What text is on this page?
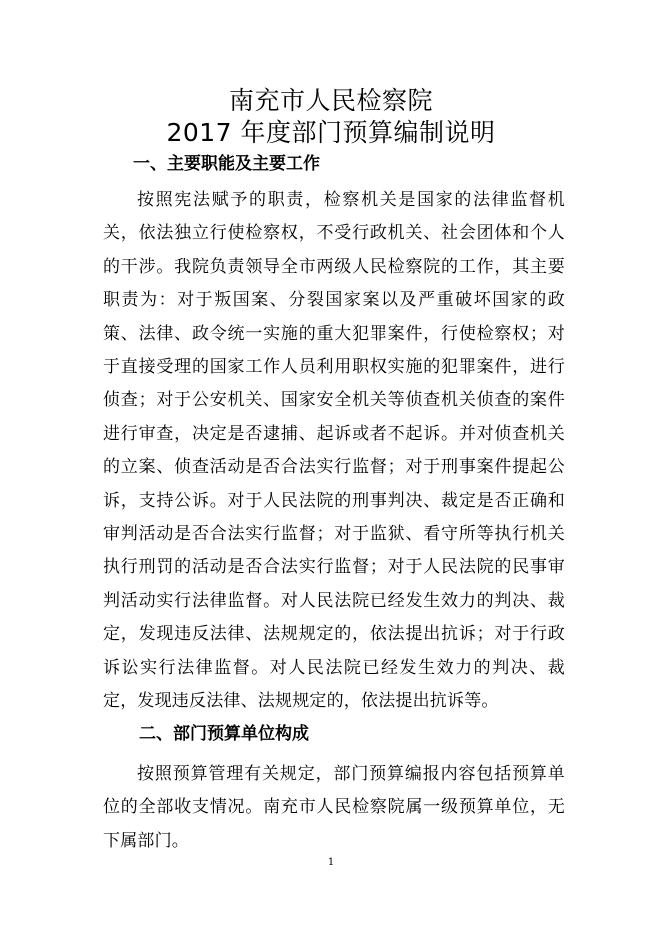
南充市人民检察院
2017 年度部门预算编制说明
一、主要职能及主要工作
按照宪法赋予的职责，检察机关是国家的法律监督机关，依法独立行使检察权，不受行政机关、社会团体和个人的干涉。我院负责领导全市两级人民检察院的工作，其主要职责为：对于叛国案、分裂国家案以及严重破坏国家的政策、法律、政令统一实施的重大犯罪案件，行使检察权；对于直接受理的国家工作人员利用职权实施的犯罪案件，进行侦查；对于公安机关、国家安全机关等侦查机关侦查的案件进行审查，决定是否逮捕、起诉或者不起诉。并对侦查机关的立案、侦查活动是否合法实行监督；对于刑事案件提起公诉，支持公诉。对于人民法院的刑事判决、裁定是否正确和审判活动是否合法实行监督；对于监狱、看守所等执行机关执行刑罚的活动是否合法实行监督；对于人民法院的民事审判活动实行法律监督。对人民法院已经发生效力的判决、裁定，发现违反法律、法规规定的，依法提出抗诉；对于行政诉讼实行法律监督。对人民法院已经发生效力的判决、裁定，发现违反法律、法规规定的，依法提出抗诉等。
二、部门预算单位构成
按照预算管理有关规定，部门预算编报内容包括预算单位的全部收支情况。南充市人民检察院属一级预算单位，无下属部门。
1
